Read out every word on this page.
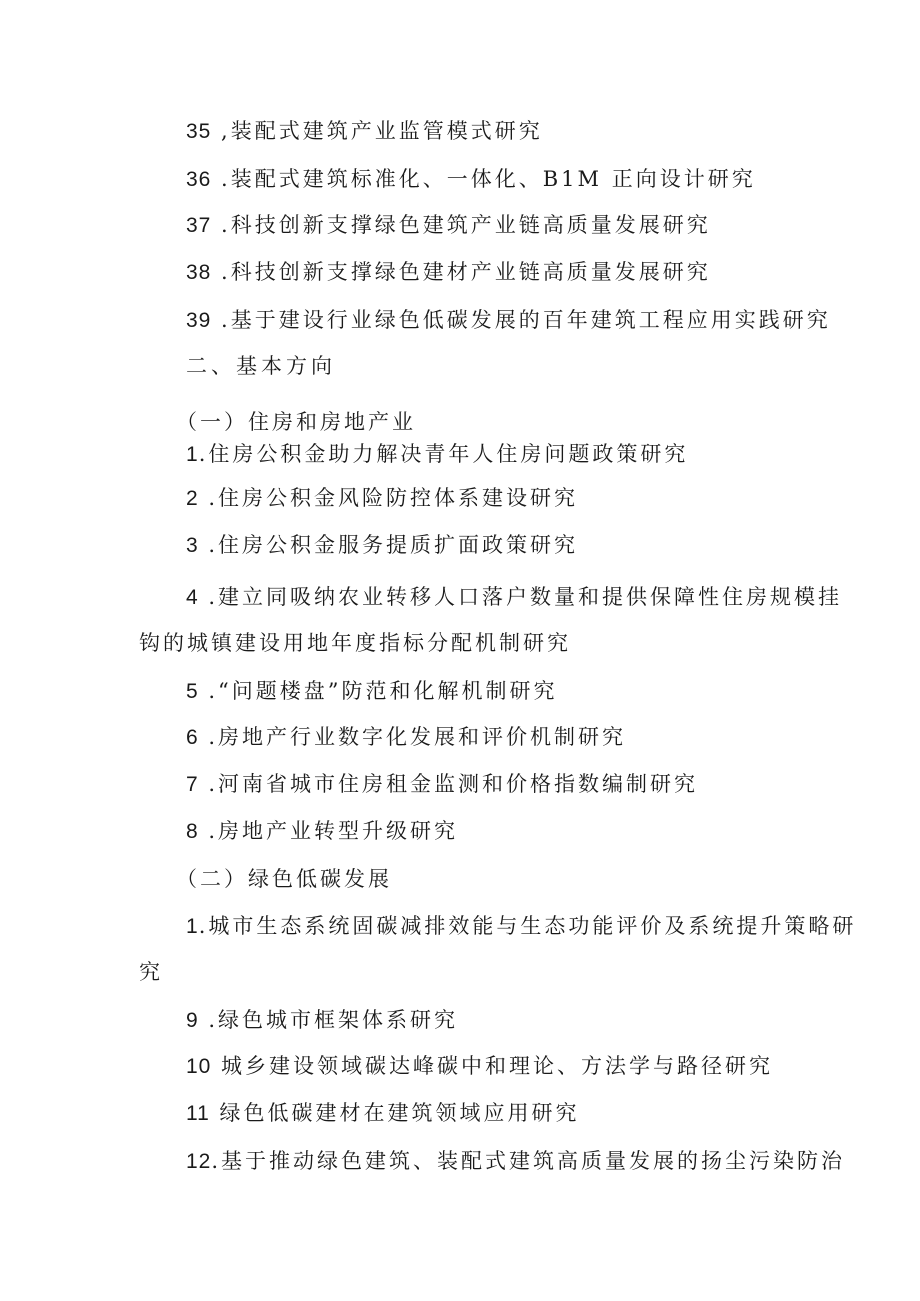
35 ,装配式建筑产业监管模式研究
36 .装配式建筑标准化、一体化、B1M 正向设计研究
37 .科技创新支撑绿色建筑产业链高质量发展研究
38 .科技创新支撑绿色建材产业链高质量发展研究
39 .基于建设行业绿色低碳发展的百年建筑工程应用实践研究
二、基本方向
（一）住房和房地产业
1.住房公积金助力解决青年人住房问题政策研究
2 .住房公积金风险防控体系建设研究
3 .住房公积金服务提质扩面政策研究
4 .建立同吸纳农业转移人口落户数量和提供保障性住房规模挂
钩的城镇建设用地年度指标分配机制研究
5 .“问题楼盘”防范和化解机制研究
6 .房地产行业数字化发展和评价机制研究
7 .河南省城市住房租金监测和价格指数编制研究
8 .房地产业转型升级研究
（二）绿色低碳发展
1.城市生态系统固碳减排效能与生态功能评价及系统提升策略研
究
9 .绿色城市框架体系研究
10 城乡建设领域碳达峰碳中和理论、方法学与路径研究
11 绿色低碳建材在建筑领域应用研究
12.基于推动绿色建筑、装配式建筑高质量发展的扬尘污染防治
